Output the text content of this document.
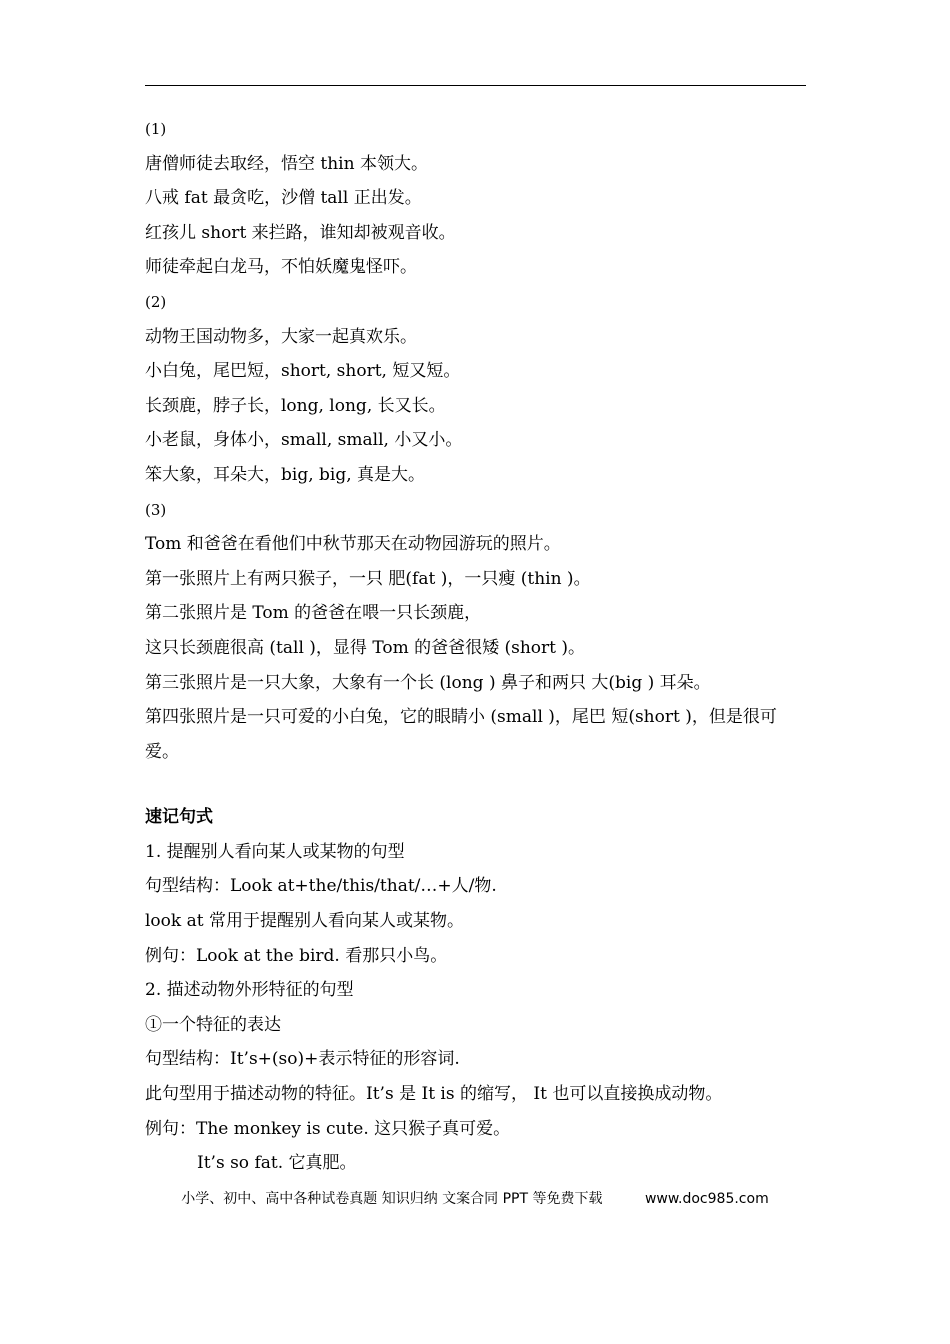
(1)
唐僧师徒去取经，悟空 thin 本领大。
八戒 fat 最贪吃，沙僧 tall 正出发。
红孩儿 short 来拦路，谁知却被观音收。
师徒牵起白龙马，不怕妖魔鬼怪吓。
(2)
动物王国动物多，大家一起真欢乐。
小白兔，尾巴短，short, short, 短又短。
长颈鹿，脖子长，long, long, 长又长。
小老鼠，身体小，small, small, 小又小。
笨大象，耳朵大，big, big, 真是大。
(3)
Tom 和爸爸在看他们中秋节那天在动物园游玩的照片。
第一张照片上有两只猴子，一只 肥(fat )，一只瘦 (thin )。
第二张照片是 Tom 的爸爸在喂一只长颈鹿，
这只长颈鹿很高 (tall )，显得 Tom 的爸爸很矮 (short )。
第三张照片是一只大象，大象有一个长 (long ) 鼻子和两只 大(big ) 耳朵。
第四张照片是一只可爱的小白兔，它的眼睛小 (small )，尾巴 短(short )，但是很可爱。
速记句式
1. 提醒别人看向某人或某物的句型
句型结构：Look at+the/this/that/…+人/物.
look at 常用于提醒别人看向某人或某物。
例句：Look at the bird. 看那只小鸟。
2. 描述动物外形特征的句型
①一个特征的表达
句型结构：It’s+(so)+表示特征的形容词.
此句型用于描述动物的特征。It’s 是 It is 的缩写， It 也可以直接换成动物。
例句：The monkey is cute. 这只猴子真可爱。
It’s so fat. 它真肥。
小学、初中、高中各种试卷真题 知识归纳 文案合同 PPT 等免费下载	www.doc985.com
